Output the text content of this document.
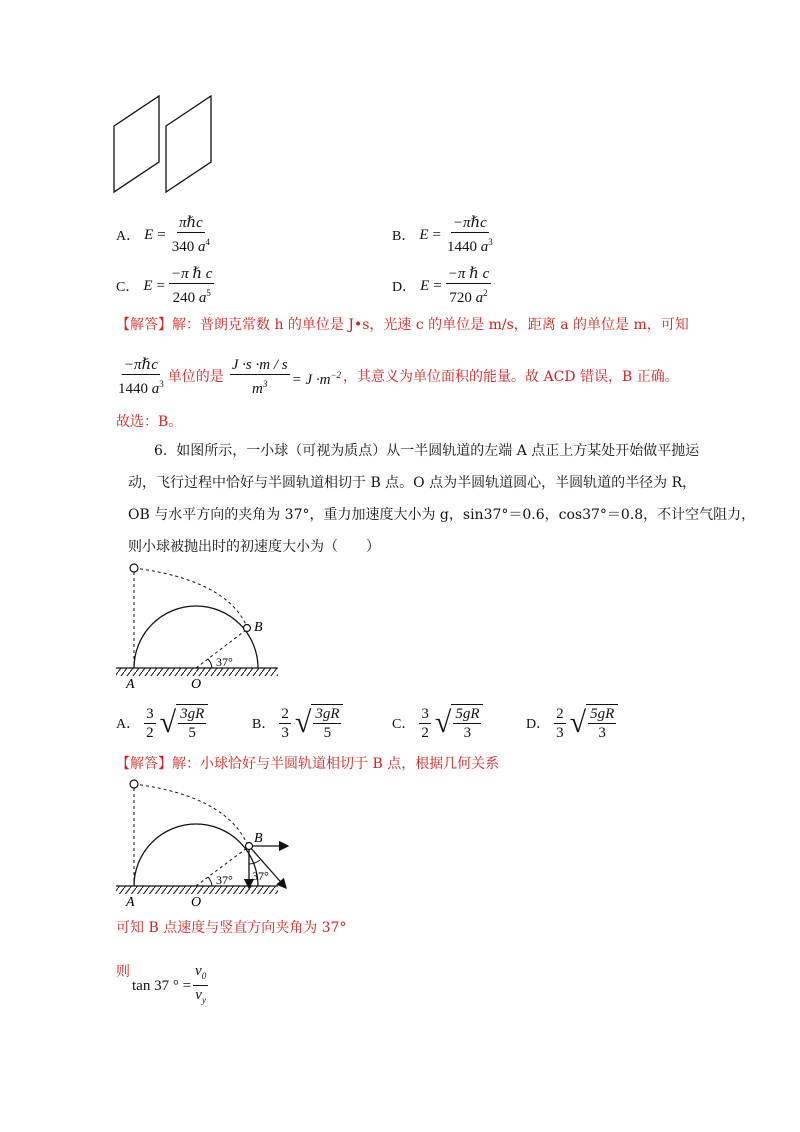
A． $E = \frac{\text{πℏc}}{340 a^4}$	B． $E = \frac{\text{−πℏc}}{1440 a^3}$
C． $E = \frac{\text{−π ℏ c}}{240 a^5}$	D． $E = \frac{\text{−π ℏ c}}{720 a^2}$
【解答】解：普朗克常数 h 的单位是 J•s，光速 c 的单位是 m/s，距离 a 的单位是 m，可知
$\frac{\text{−πℏc}}{1440 a^3}$ 单位的是 $\frac{J \cdot s \cdot m / s}{m^3} = J \cdot m^{-2}$ ，其意义为单位面积的能量。故 ACD 错误，B 正确。
故选：B。
6. 如图所示，一小球（可视为质点）从一半圆轨道的左端 A 点正上方某处开始做平抛运
动，飞行过程中恰好与半圆轨道相切于 B 点。O 点为半圆轨道圆心，半圆轨道的半径为 R，
OB 与水平方向的夹角为 37°，重力加速度大小为 g，sin37°＝0.6，cos37°＝0.8，不计空气阻力，
则小球被抛出时的初速度大小为（　　）
B
37°
A	O
A． $\frac{3}{2}$ √ $\frac{3gR}{5}$	B． $\frac{2}{3}$ √ $\frac{3gR}{5}$	C． $\frac{3}{2}$ √ $\frac{5gR}{3}$	D． $\frac{2}{3}$ √ $\frac{5gR}{3}$
【解答】解：小球恰好与半圆轨道相切于 B 点，根据几何关系
B
37° 37°
A	O
可知 B 点速度与竖直方向夹角为 37°
则
tan 37 ° = $\frac{v_0}{v_y}$
